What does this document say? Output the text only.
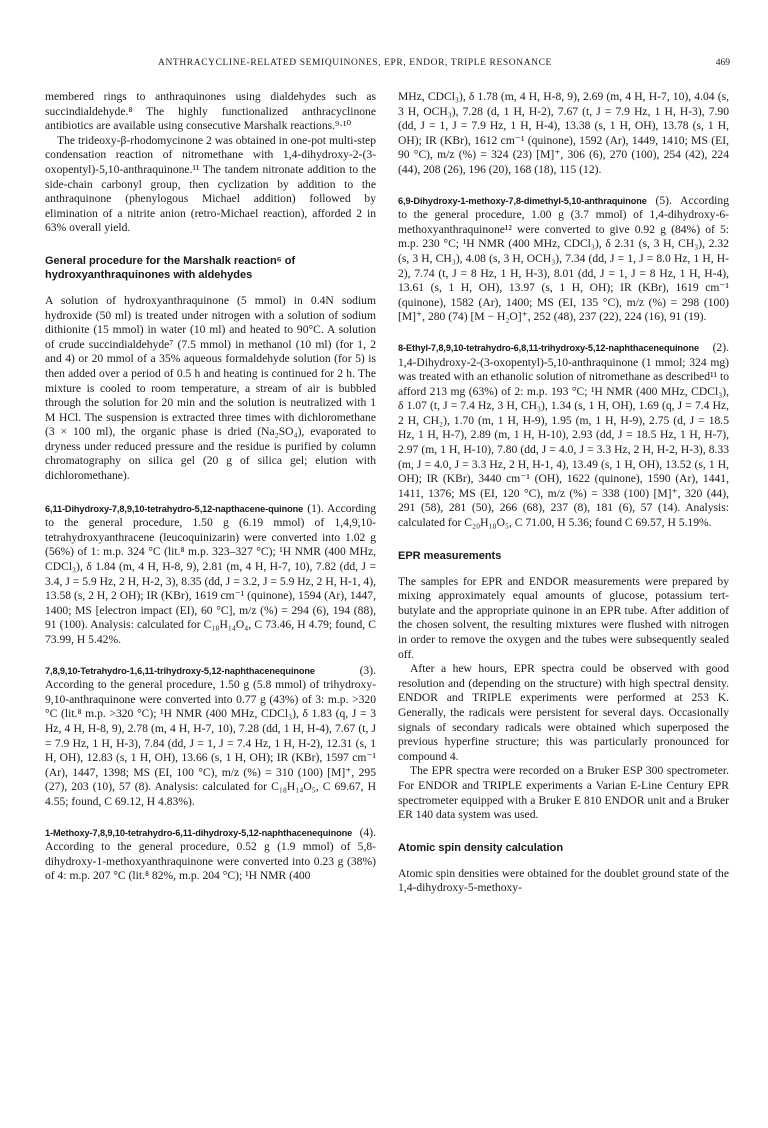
ANTHRACYCLINE-RELATED SEMIQUINONES, EPR, ENDOR, TRIPLE RESONANCE	469

membered rings to anthraquinones using dialdehydes such as succindialdehyde.⁸ The highly functionalized anthracyclinone antibiotics are available using consecutive Marshalk reactions.⁹·¹⁰

The trideoxy-β-rhodomycinone 2 was obtained in one-pot multi-step condensation reaction of nitromethane with 1,4-dihydroxy-2-(3-oxopentyl)-5,10-anthraquinone.¹¹ The tandem nitronate addition to the side-chain carbonyl group, then cyclization by addition to the anthraquinone (phenylogous Michael addition) followed by elimination of a nitrite anion (retro-Michael reaction), afforded 2 in 63% overall yield.

General procedure for the Marshalk reaction⁶ of hydroxyanthraquinones with aldehydes

A solution of hydroxyanthraquinone (5 mmol) in 0.4N sodium hydroxide (50 ml) is treated under nitrogen with a solution of sodium dithionite (15 mmol) in water (10 ml) and heated to 90°C. A solution of crude succindialdehyde⁷ (7.5 mmol) in methanol (10 ml) (for 1, 2 and 4) or 20 mmol of a 35% aqueous formaldehyde solution (for 5) is then added over a period of 0.5 h and heating is continued for 2 h. The mixture is cooled to room temperature, a stream of air is bubbled through the solution for 20 min and the solution is neutralized with 1 M HCl. The suspension is extracted three times with dichloromethane (3 × 100 ml), the organic phase is dried (Na₂SO₄), evaporated to dryness under reduced pressure and the residue is purified by column chromatography on silica gel (20 g of silica gel; elution with dichloromethane).

6,11-Dihydroxy-7,8,9,10-tetrahydro-5,12-napthacene-quinone (1). According to the general procedure, 1.50 g (6.19 mmol) of 1,4,9,10-tetrahydroxyanthracene (leucoquinizarin) were converted into 1.02 g (56%) of 1: m.p. 324 °C (lit.⁸ m.p. 323–327 °C); ¹H NMR (400 MHz, CDCl₃), δ 1.84 (m, 4 H, H-8, 9), 2.81 (m, 4 H, H-7, 10), 7.82 (dd, J = 3.4, J = 5.9 Hz, 2 H, H-2, 3), 8.35 (dd, J = 3.2, J = 5.9 Hz, 2 H, H-1, 4), 13.58 (s, 2 H, 2 OH); IR (KBr), 1619 cm⁻¹ (quinone), 1594 (Ar), 1447, 1400; MS [electron impact (EI), 60 °C], m/z (%) = 294 (6), 194 (88), 91 (100). Analysis: calculated for C₁₈H₁₄O₄, C 73.46, H 4.79; found, C 73.99, H 5.42%.

7,8,9,10-Tetrahydro-1,6,11-trihydroxy-5,12-naphthacenequinone (3). According to the general procedure, 1.50 g (5.8 mmol) of trihydroxy-9,10-anthraquinone were converted into 0.77 g (43%) of 3: m.p. >320 °C (lit.⁸ m.p. >320 °C); ¹H NMR (400 MHz, CDCl₃), δ 1.83 (q, J = 3 Hz, 4 H, H-8, 9), 2.78 (m, 4 H, H-7, 10), 7.28 (dd, 1 H, H-4), 7.67 (t, J = 7.9 Hz, 1 H, H-3), 7.84 (dd, J = 1, J = 7.4 Hz, 1 H, H-2), 12.31 (s, 1 H, OH), 12.83 (s, 1 H, OH), 13.66 (s, 1 H, OH); IR (KBr), 1597 cm⁻¹ (Ar), 1447, 1398; MS (EI, 100 °C), m/z (%) = 310 (100) [M]⁺, 295 (27), 203 (10), 57 (8). Analysis: calculated for C₁₈H₁₄O₅, C 69.67, H 4.55; found, C 69.12, H 4.83%).

1-Methoxy-7,8,9,10-tetrahydro-6,11-dihydroxy-5,12-naphthacenequinone (4). According to the general procedure, 0.52 g (1.9 mmol) of 5,8-dihydroxy-1-methoxyanthraquinone were converted into 0.23 g (38%) of 4: m.p. 207 °C (lit.⁸ 82%, m.p. 204 °C); ¹H NMR (400

MHz, CDCl₃), δ 1.78 (m, 4 H, H-8, 9), 2.69 (m, 4 H, H-7, 10), 4.04 (s, 3 H, OCH₃), 7.28 (d, 1 H, H-2), 7.67 (t, J = 7.9 Hz, 1 H, H-3), 7.90 (dd, J = 1, J = 7.9 Hz, 1 H, H-4), 13.38 (s, 1 H, OH), 13.78 (s, 1 H, OH); IR (KBr), 1612 cm⁻¹ (quinone), 1592 (Ar), 1449, 1410; MS (EI, 90 °C), m/z (%) = 324 (23) [M]⁺, 306 (6), 270 (100), 254 (42), 224 (44), 208 (26), 196 (20), 168 (18), 115 (12).

6,9-Dihydroxy-1-methoxy-7,8-dimethyl-5,10-anthraquinone (5). According to the general procedure, 1.00 g (3.7 mmol) of 1,4-dihydroxy-6-methoxyanthraquinone¹² were converted to give 0.92 g (84%) of 5: m.p. 230 °C; ¹H NMR (400 MHz, CDCl₃), δ 2.31 (s, 3 H, CH₃), 2.32 (s, 3 H, CH₃), 4.08 (s, 3 H, OCH₃), 7.34 (dd, J = 1, J = 8.0 Hz, 1 H, H-2), 7.74 (t, J = 8 Hz, 1 H, H-3), 8.01 (dd, J = 1, J = 8 Hz, 1 H, H-4), 13.61 (s, 1 H, OH), 13.97 (s, 1 H, OH); IR (KBr), 1619 cm⁻¹ (quinone), 1582 (Ar), 1400; MS (EI, 135 °C), m/z (%) = 298 (100) [M]⁺, 280 (74) [M − H₂O]⁺, 252 (48), 237 (22), 224 (16), 91 (19).

8-Ethyl-7,8,9,10-tetrahydro-6,8,11-trihydroxy-5,12-naphthacenequinone (2). 1,4-Dihydroxy-2-(3-oxopentyl)-5,10-anthraquinone (1 mmol; 324 mg) was treated with an ethanolic solution of nitromethane as described¹¹ to afford 213 mg (63%) of 2: m.p. 193 °C; ¹H NMR (400 MHz, CDCl₃), δ 1.07 (t, J = 7.4 Hz, 3 H, CH₃), 1.34 (s, 1 H, OH), 1.69 (q, J = 7.4 Hz, 2 H, CH₂), 1.70 (m, 1 H, H-9), 1.95 (m, 1 H, H-9), 2.75 (d, J = 18.5 Hz, 1 H, H-7), 2.89 (m, 1 H, H-10), 2.93 (dd, J = 18.5 Hz, 1 H, H-7), 2.97 (m, 1 H, H-10), 7.80 (dd, J = 4.0, J = 3.3 Hz, 2 H, H-2, H-3), 8.33 (m, J = 4.0, J = 3.3 Hz, 2 H, H-1, 4), 13.49 (s, 1 H, OH), 13.52 (s, 1 H, OH); IR (KBr), 3440 cm⁻¹ (OH), 1622 (quinone), 1590 (Ar), 1441, 1411, 1376; MS (EI, 120 °C), m/z (%) = 338 (100) [M]⁺, 320 (44), 291 (58), 281 (50), 266 (68), 237 (8), 181 (6), 57 (14). Analysis: calculated for C₂₀H₁₈O₅, C 71.00, H 5.36; found C 69.57, H 5.19%.

EPR measurements

The samples for EPR and ENDOR measurements were prepared by mixing approximately equal amounts of glucose, potassium tert-butylate and the appropriate quinone in an EPR tube. After addition of the chosen solvent, the resulting mixtures were flushed with nitrogen in order to remove the oxygen and the tubes were subsequently sealed off.

After a hew hours, EPR spectra could be observed with good resolution and (depending on the structure) with high spectral density. ENDOR and TRIPLE experiments were performed at 253 K. Generally, the radicals were persistent for several days. Occasionally signals of secondary radicals were obtained which superposed the previous hyperfine structure; this was particularly pronounced for compound 4.

The EPR spectra were recorded on a Bruker ESP 300 spectrometer. For ENDOR and TRIPLE experiments a Varian E-Line Century EPR spectrometer equipped with a Bruker E 810 ENDOR unit and a Bruker ER 140 data system was used.

Atomic spin density calculation

Atomic spin densities were obtained for the doublet ground state of the 1,4-dihydroxy-5-methoxy-
